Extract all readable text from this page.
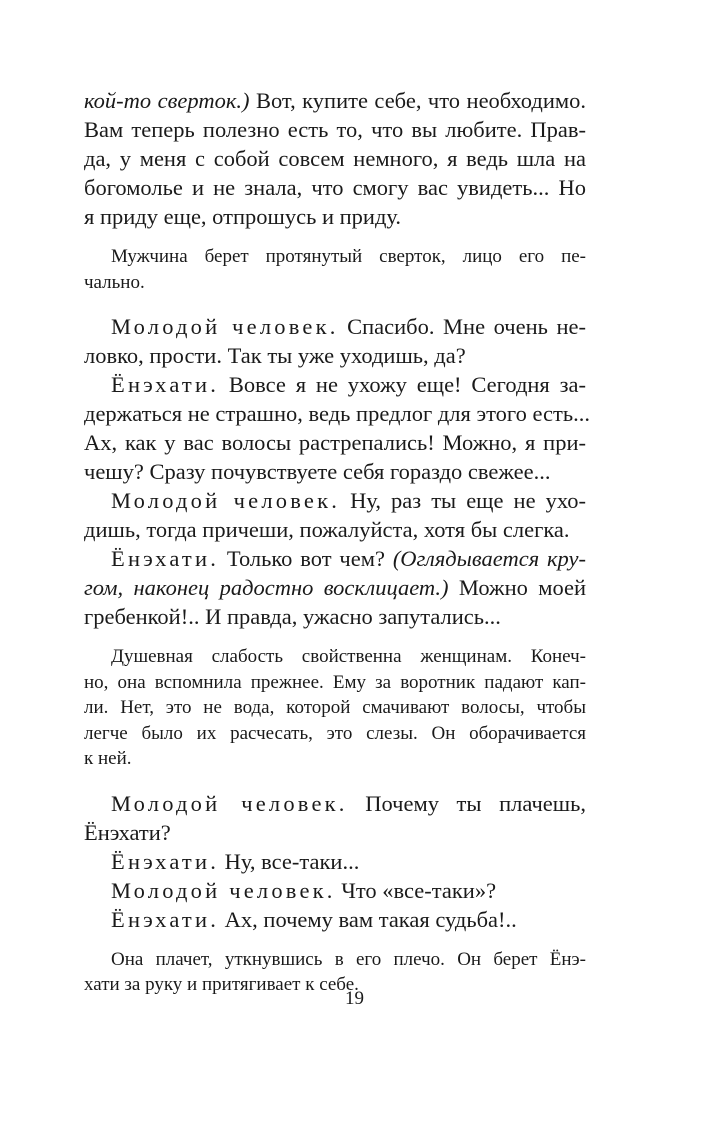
кой-то сверток.) Вот, купите себе, что необходимо.
Вам теперь полезно есть то, что вы любите. Прав-
да, у меня с собой совсем немного, я ведь шла на
богомолье и не знала, что смогу вас увидеть... Но
я приду еще, отпрошусь и приду.

Мужчина берет протянутый сверток, лицо его пе-
чально.

Молодой человек. Спасибо. Мне очень не-
ловко, прости. Так ты уже уходишь, да?

Ёнэхати. Вовсе я не ухожу еще! Сегодня за-
держаться не страшно, ведь предлог для этого есть...
Ах, как у вас волосы растрепались! Можно, я при-
чешу? Сразу почувствуете себя гораздо свежее...

Молодой человек. Ну, раз ты еще не ухо-
дишь, тогда причеши, пожалуйста, хотя бы слегка.

Ёнэхати. Только вот чем? (Оглядывается кру-
гом, наконец радостно восклицает.) Можно моей
гребенкой!.. И правда, ужасно запутались...

Душевная слабость свойственна женщинам. Конеч-
но, она вспомнила прежнее. Ему за воротник падают кап-
ли. Нет, это не вода, которой смачивают волосы, чтобы
легче было их расчесать, это слезы. Он оборачивается
к ней.

Молодой человек. Почему ты плачешь,
Ёнэхати?

Ёнэхати. Ну, все-таки...

Молодой человек. Что «все-таки»?

Ёнэхати. Ах, почему вам такая судьба!..

Она плачет, уткнувшись в его плечо. Он берет Ёнэ-
хати за руку и притягивает к себе.

19
